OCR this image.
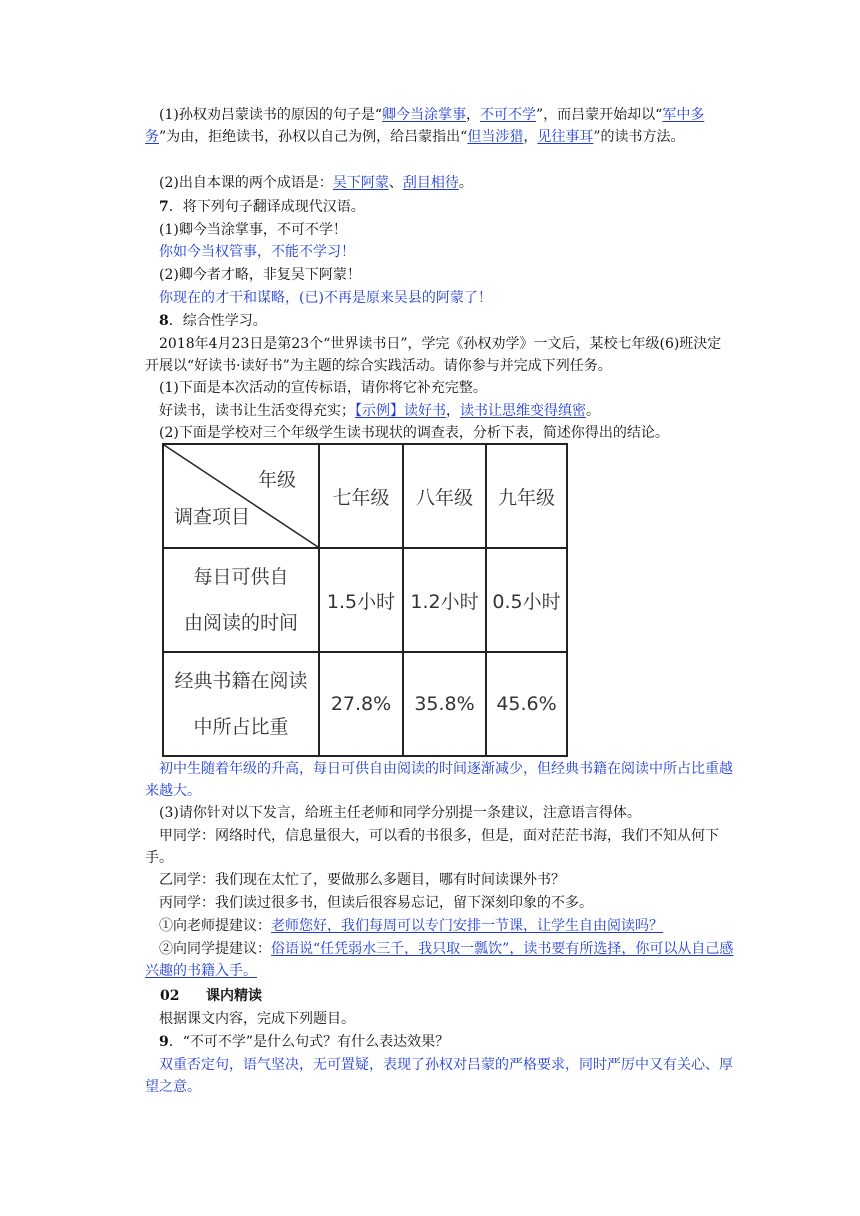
(1)孙权劝吕蒙读书的原因的句子是“卿今当涂掌事，不可不学”，而吕蒙开始却以“军中多务”为由，拒绝读书，孙权以自己为例，给吕蒙指出“但当涉猎，见往事耳”的读书方法。

(2)出自本课的两个成语是：吴下阿蒙、刮目相待。

7．将下列句子翻译成现代汉语。

(1)卿今当涂掌事，不可不学！

你如今当权管事，不能不学习！

(2)卿今者才略，非复吴下阿蒙！

你现在的才干和谋略，(已)不再是原来吴县的阿蒙了！

8．综合性学习。

2018年4月23日是第23个“世界读书日”，学完《孙权劝学》一文后，某校七年级(6)班決定开展以“好读书·读好书”为主题的综合实践活动。请你参与并完成下列任务。

(1)下面是本次活动的宣传标语，请你将它补充完整。

好读书，读书让生活变得充实；【示例】读好书，读书让思维变得缜密。

(2)下面是学校对三个年级学生读书现状的调查表，分析下表，简述你得出的结论。

年级
调查项目	七年级	八年级	九年级

每日可供自
由阅读的时间	1.5小时	1.2小时	0.5小时

经典书籍在阅读
中所占比重	27.8%	35.8%	45.6%

初中生随着年级的升高，每日可供自由阅读的时间逐渐减少，但经典书籍在阅读中所占比重越来越大。

(3)请你针对以下发言，给班主任老师和同学分别提一条建议，注意语言得体。

甲同学：网络时代，信息量很大，可以看的书很多，但是，面对茫茫书海，我们不知从何下手。

乙同学：我们现在太忙了，要做那么多题目，哪有时间读课外书？

丙同学：我们读过很多书，但读后很容易忘记，留下深刻印象的不多。

①向老师提建议：老师您好，我们每周可以专门安排一节课，让学生自由阅读吗？

②向同学提建议：俗语说“任凭弱水三千，我只取一瓢饮”，读书要有所选择，你可以从自己感兴趣的书籍入手。

02 课内精读

根据课文内容，完成下列题目。

9．“不可不学”是什么句式？有什么表达效果？

双重否定句，语气坚决，无可置疑，表现了孙权对吕蒙的严格要求，同时严厉中又有关心、厚望之意。
